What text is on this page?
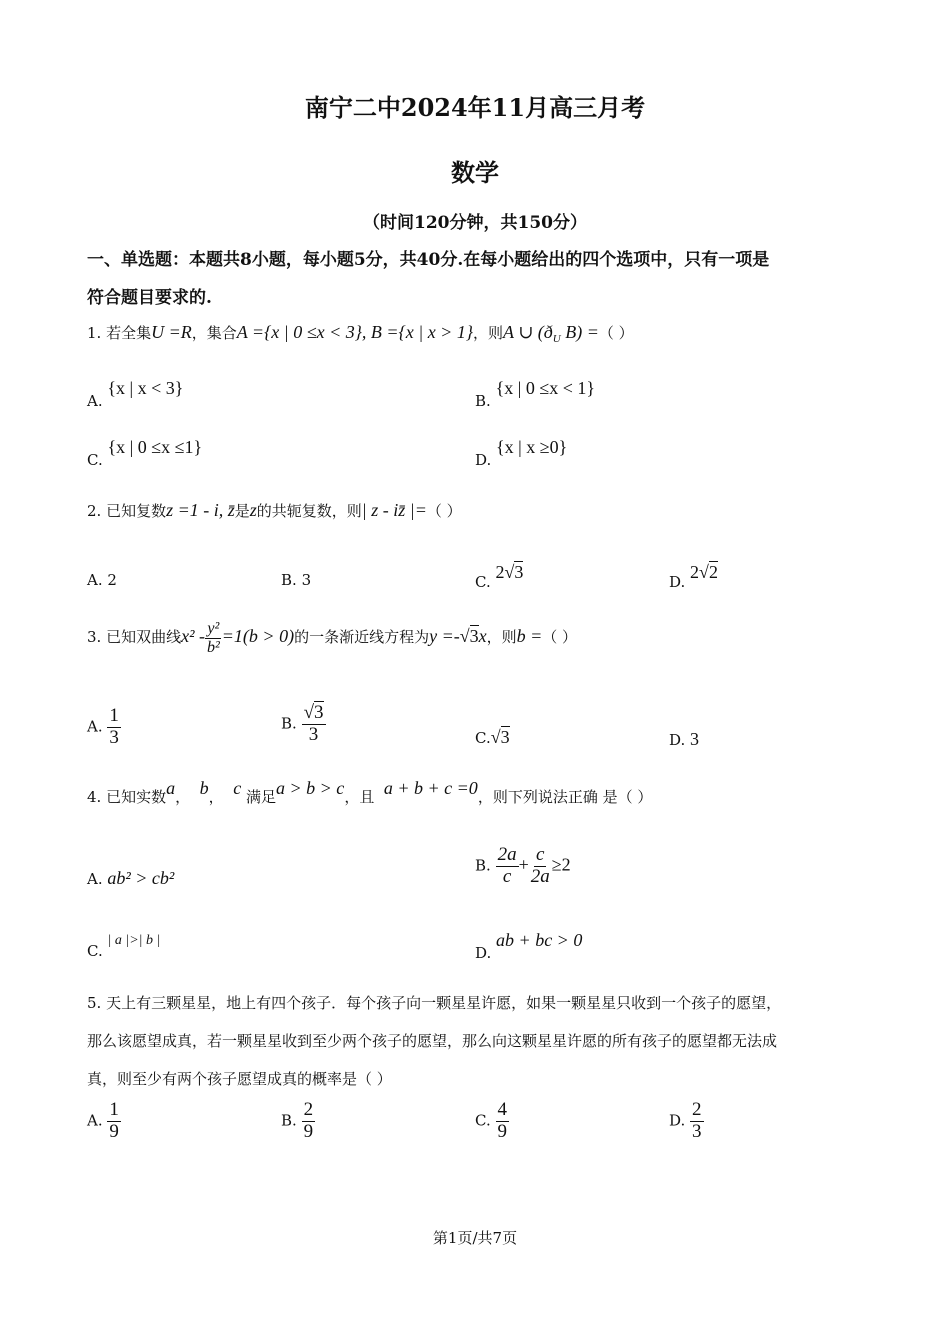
南宁二中2024年11月高三月考
数学
（时间120分钟，共150分）
一、单选题：本题共8小题，每小题5分，共40分.在每小题给出的四个选项中，只有一项是
符合题目要求的.
1. 若全集U =R，集合A ={x | 0 ≤x < 3}, B ={x | x > 1}，则A ∪ ($ð_U$ B) =（ ）
A. {x | x < 3}
B. {x | 0 ≤x < 1}
C. {x | 0 ≤x ≤1}
D. {x | x ≥0}
2. 已知复数z =1 - i, z̄是z的共轭复数，则| z - iz̄ |=（ ）
A. 2	B. 3	C. 2√3	D. 2√2
3. 已知双曲线$x^2 - \frac{\text{y²}}{\text{b²}} =1(b > 0)$的一条渐近线方程为y =-√3x，则b =（ ）
A. $\frac{1}{3}$	B. $\frac{√3}{3}$	C.√3	D. 3
4. 已知实数a， b， c 满足a > b > c，且 a + b + c =0，则下列说法正确 是（ ）
A. ab² > cb²
B. $\frac{2a}{c} + \frac{c}{2a} \ge 2$
C. | a |>| b |
D. ab + bc > 0
5. 天上有三颗星星，地上有四个孩子．每个孩子向一颗星星许愿，如果一颗星星只收到一个孩子的愿望，
那么该愿望成真，若一颗星星收到至少两个孩子的愿望，那么向这颗星星许愿的所有孩子的愿望都无法成
真，则至少有两个孩子愿望成真的概率是（ ）
A. $\frac{1}{9}$	B. $\frac{2}{9}$	C. $\frac{4}{9}$	D. $\frac{2}{3}$
第1页/共7页
